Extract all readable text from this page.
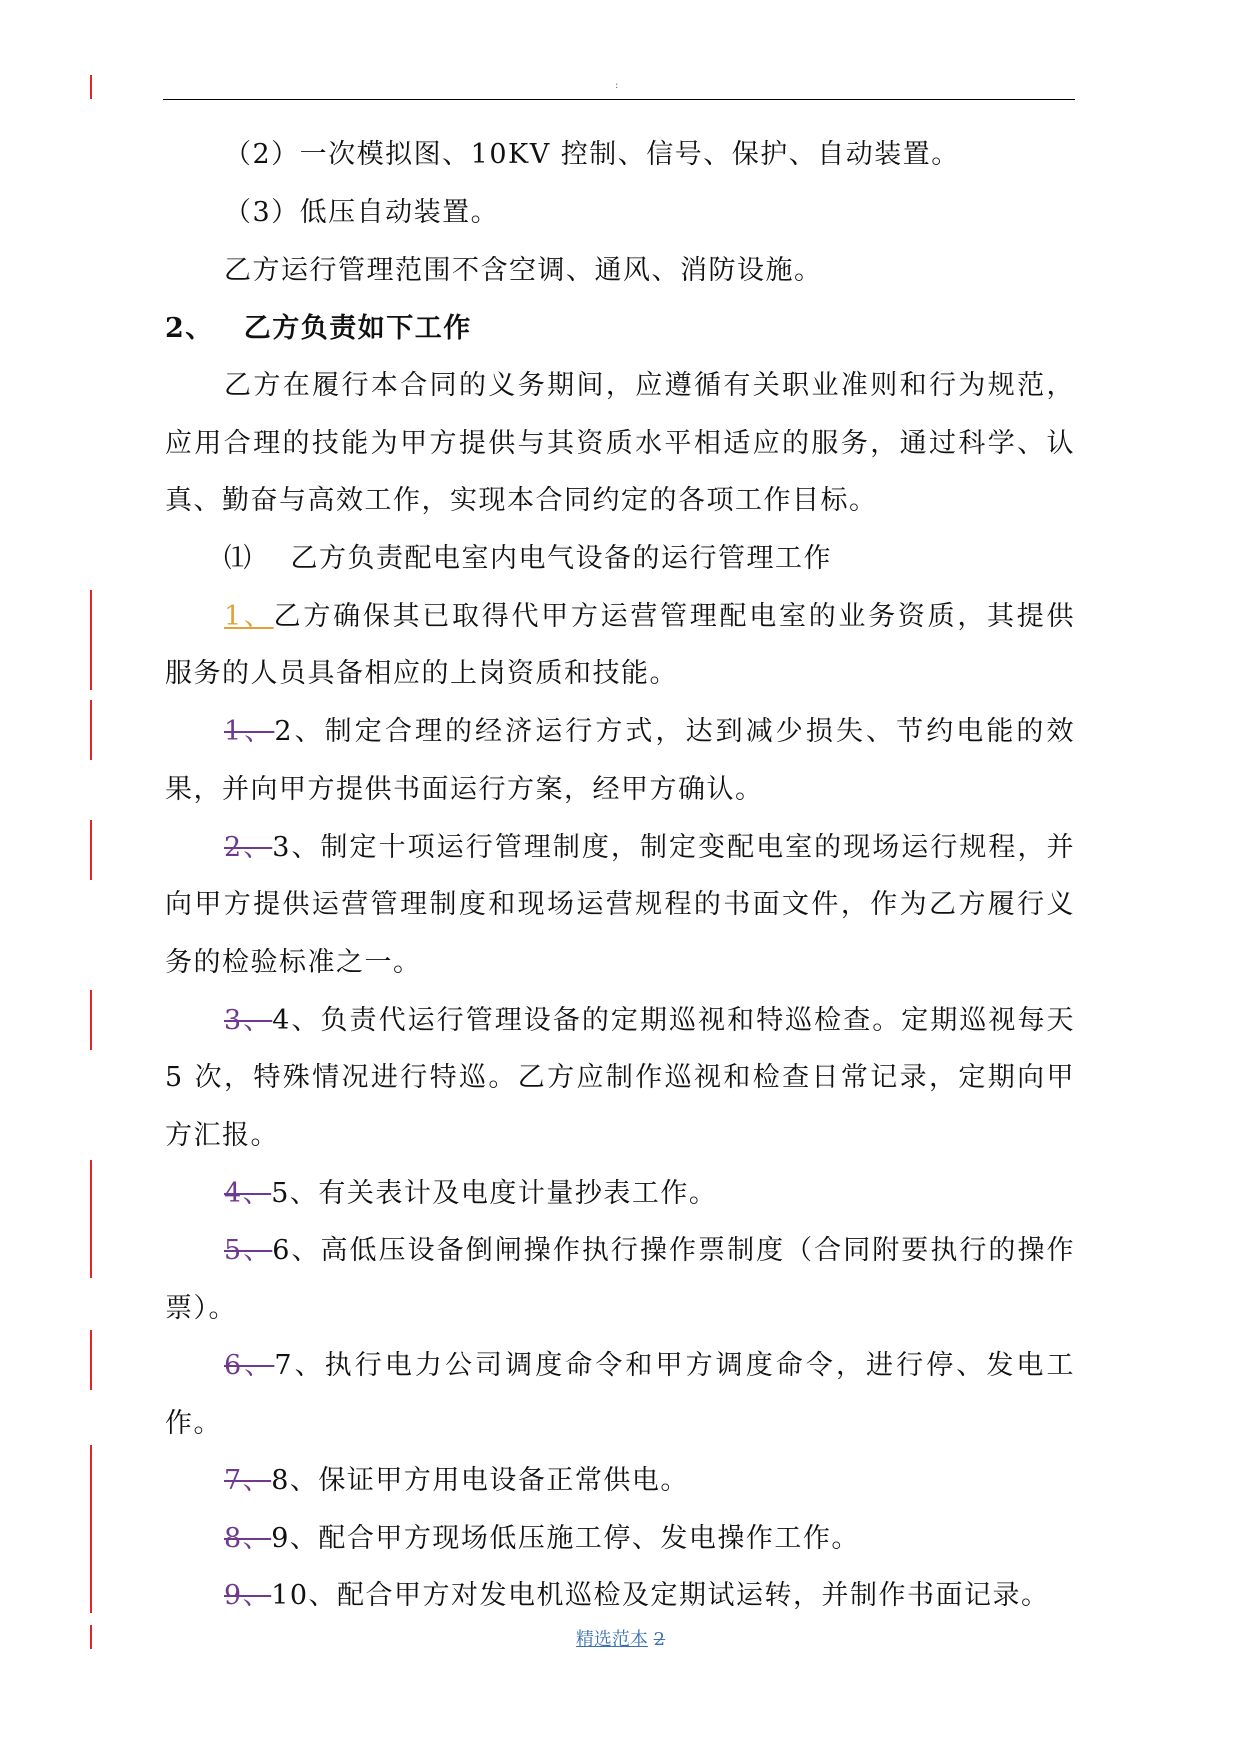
:
（2）一次模拟图、10KV 控制、信号、保护、自动装置。
（3）低压自动装置。
乙方运行管理范围不含空调、通风、消防设施。
2、 乙方负责如下工作
乙方在履行本合同的义务期间，应遵循有关职业准则和行为规范，
应用合理的技能为甲方提供与其资质水平相适应的服务，通过科学、认
真、勤奋与高效工作，实现本合同约定的各项工作目标。
⑴ 乙方负责配电室内电气设备的运行管理工作
1、乙方确保其已取得代甲方运营管理配电室的业务资质，其提供
服务的人员具备相应的上岗资质和技能。
1、2、制定合理的经济运行方式，达到减少损失、节约电能的效
果，并向甲方提供书面运行方案，经甲方确认。
2、3、制定十项运行管理制度，制定变配电室的现场运行规程，并
向甲方提供运营管理制度和现场运营规程的书面文件，作为乙方履行义
务的检验标准之一。
3、4、负责代运行管理设备的定期巡视和特巡检查。定期巡视每天
5 次，特殊情况进行特巡。乙方应制作巡视和检查日常记录，定期向甲
方汇报。
4、5、有关表计及电度计量抄表工作。
5、6、高低压设备倒闸操作执行操作票制度（合同附要执行的操作
票）。
6、7、执行电力公司调度命令和甲方调度命令，进行停、发电工
作。
7、8、保证甲方用电设备正常供电。
8、9、配合甲方现场低压施工停、发电操作工作。
9、10、配合甲方对发电机巡检及定期试运转，并制作书面记录。
精选范本 2
